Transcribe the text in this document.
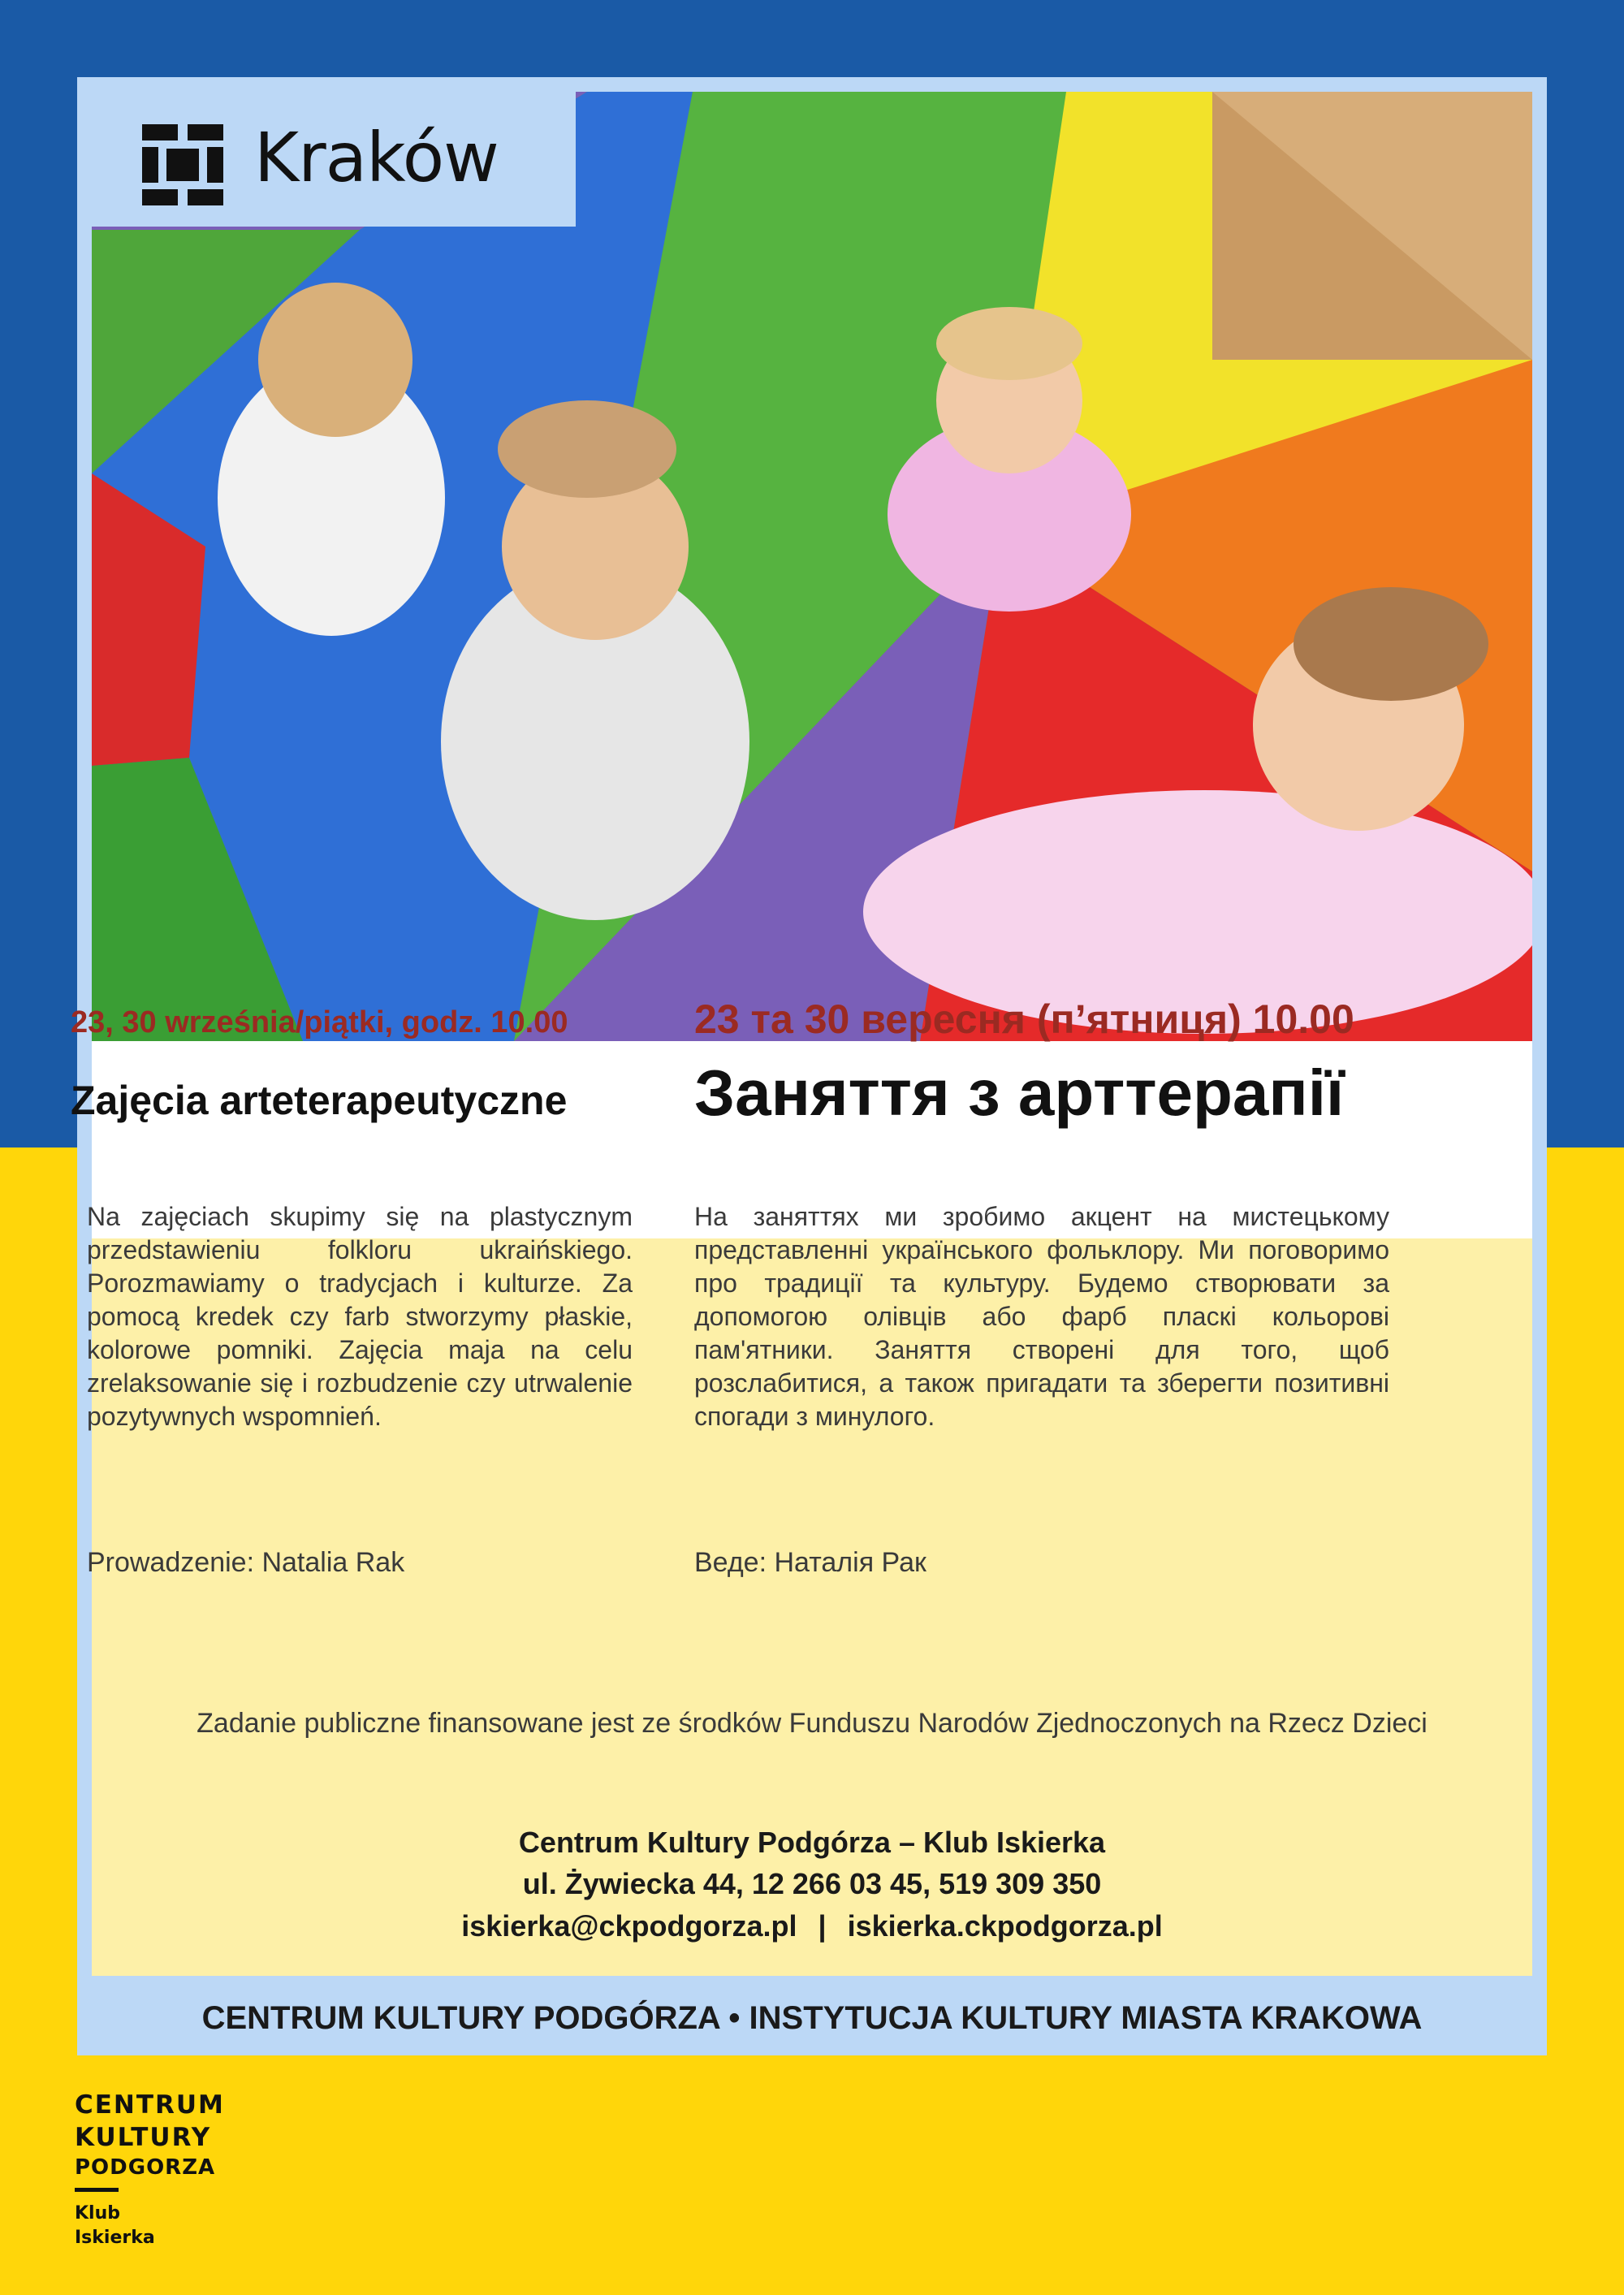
Kraków
23, 30 września/piątki, godz. 10.00
Zajęcia arteterapeutyczne
23 та 30 вересня (п’ятниця) 10.00
Заняття з арттерапії
Na zajęciach skupimy się na plastycznym przedstawieniu folkloru ukraińskiego. Porozmawiamy o tradycjach i kulturze. Za pomocą kredek czy farb stworzymy płaskie, kolorowe pomniki. Zajęcia maja na celu zrelaksowanie się i rozbudzenie czy utrwalenie pozytywnych wspomnień.
На заняттях ми зробимо акцент на мистецькому представленні українського фольклору. Ми поговоримо про традиції та культуру. Будемо створювати за допомогою олівців або фарб пласкі кольорові пам'ятники. Заняття створені для того, щоб розслабитися, а також пригадати та зберегти позитивні спогади з минулого.
Prowadzenie: Natalia Rak	Веде: Наталія Рак
Zadanie publiczne finansowane jest ze środków Funduszu Narodów Zjednoczonych na Rzecz Dzieci
Centrum Kultury Podgórza – Klub Iskierka
ul. Żywiecka 44, 12 266 03 45, 519 309 350
iskierka@ckpodgorza.pl | iskierka.ckpodgorza.pl
CENTRUM KULTURY PODGÓRZA • INSTYTUCJA KULTURY MIASTA KRAKOWA
CENTRUM
KULTURY
PODGORZA
Klub
Iskierka
